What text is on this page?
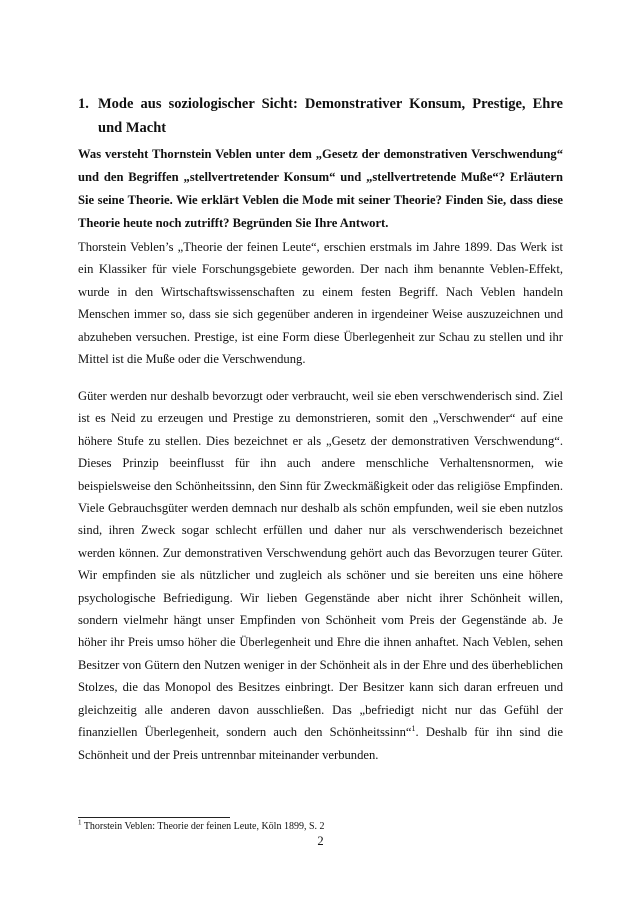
1. Mode aus soziologischer Sicht: Demonstrativer Konsum, Prestige, Ehre und Macht
Was versteht Thornstein Veblen unter dem „Gesetz der demonstrativen Verschwendung“ und den Begriffen „stellvertretender Konsum“ und „stellvertretende Muße“? Erläutern Sie seine Theorie. Wie erklärt Veblen die Mode mit seiner Theorie? Finden Sie, dass diese Theorie heute noch zutrifft? Begründen Sie Ihre Antwort.

Thorstein Veblen’s „Theorie der feinen Leute“, erschien erstmals im Jahre 1899. Das Werk ist ein Klassiker für viele Forschungsgebiete geworden. Der nach ihm benannte Veblen-Effekt, wurde in den Wirtschaftswissenschaften zu einem festen Begriff. Nach Veblen handeln Menschen immer so, dass sie sich gegenüber anderen in irgendeiner Weise auszuzeichnen und abzuheben versuchen. Prestige, ist eine Form diese Überlegenheit zur Schau zu stellen und ihr Mittel ist die Muße oder die Verschwendung.

Güter werden nur deshalb bevorzugt oder verbraucht, weil sie eben verschwenderisch sind. Ziel ist es Neid zu erzeugen und Prestige zu demonstrieren, somit den „Verschwender“ auf eine höhere Stufe zu stellen. Dies bezeichnet er als „Gesetz der demonstrativen Verschwendung“. Dieses Prinzip beeinflusst für ihn auch andere menschliche Verhaltensnormen, wie beispielsweise den Schönheitssinn, den Sinn für Zweckmäßigkeit oder das religiöse Empfinden. Viele Gebrauchsgüter werden demnach nur deshalb als schön empfunden, weil sie eben nutzlos sind, ihren Zweck sogar schlecht erfüllen und daher nur als verschwenderisch bezeichnet werden können. Zur demonstrativen Verschwendung gehört auch das Bevorzugen teurer Güter. Wir empfinden sie als nützlicher und zugleich als schöner und sie bereiten uns eine höhere psychologische Befriedigung. Wir lieben Gegenstände aber nicht ihrer Schönheit willen, sondern vielmehr hängt unser Empfinden von Schönheit vom Preis der Gegenstände ab. Je höher ihr Preis umso höher die Überlegenheit und Ehre die ihnen anhaftet. Nach Veblen, sehen Besitzer von Gütern den Nutzen weniger in der Schönheit als in der Ehre und des überheblichen Stolzes, die das Monopol des Besitzes einbringt. Der Besitzer kann sich daran erfreuen und gleichzeitig alle anderen davon ausschließen. Das „befriedigt nicht nur das Gefühl der finanziellen Überlegenheit, sondern auch den Schönheitssinn“$^1$. Deshalb für ihn sind die Schönheit und der Preis untrennbar miteinander verbunden.

$^1$ Thorstein Veblen: Theorie der feinen Leute, Köln 1899, S. 2
2
